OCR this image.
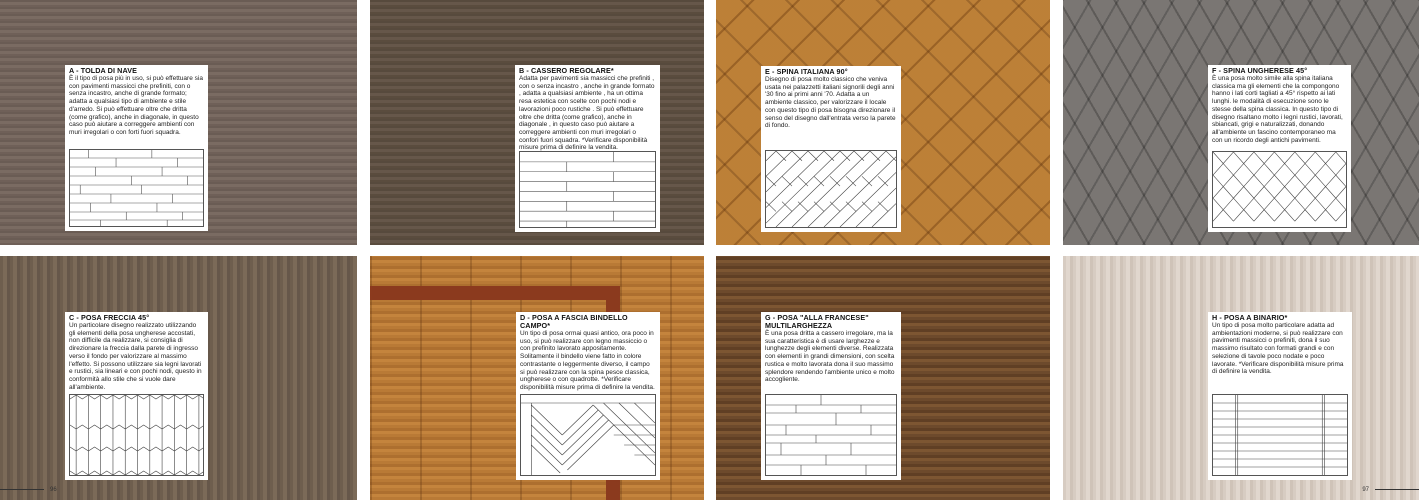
A - TOLDA DI NAVE

È il tipo di posa più in uso, si può effettuare sia con pavimenti massicci che prefiniti, con o senza incastro, anche di grande formato; adatta a qualsiasi tipo di ambiente e stile d'arredo. Si può effettuare oltre che dritta (come grafico), anche in diagonale, in questo caso può aiutare a correggere ambienti con muri irregolari o con forti fuori squadra.

B - CASSERO REGOLARE*

Adatta per pavimenti sia massicci che prefiniti , con o senza incastro , anche in grande formato , adatta a qualsiasi ambiente , ha un ottima resa estetica con scelte con pochi nodi e lavorazioni poco rustiche . Si può effettuare oltre che dritta (come grafico), anche in diagonale , in questo caso può aiutare a correggere ambienti con muri irregolari o confori fuori squadra. *Verificare disponibilità misure prima di definire la vendita.

E - SPINA ITALIANA 90°

Disegno di posa molto classico che veniva usata nei palazzetti italiani signorili degli anni '30 fino ai primi anni '70. Adatta a un ambiente classico, per valorizzare il locale con questo tipo di posa bisogna direzionare il senso del disegno dall'entrata verso la parete di fondo.

F - SPINA UNGHERESE 45°

È una posa molto simile alla spina italiana classica ma gli elementi che la compongono hanno i lati corti tagliati a 45° rispetto ai lati lunghi. le modalità di esecuzione sono le stesse della spina classica. In questo tipo di disegno risaltano molto i legni rustici, lavorati, sbiancati, grigi e naturalizzati, donando all'ambiente un fascino contemporaneo ma con un ricordo degli antichi pavimenti.

C - POSA FRECCIA 45°

Un particolare disegno realizzato utilizzando gli elementi della posa ungherese accostati, non difficile da realizzare, si consiglia di direzionare la freccia dalla parete di ingresso verso il fondo per valorizzare al massimo l'effetto. Si possono utilizzare sia legni lavorati e rustici, sia lineari e con pochi nodi, questo in conformità allo stile che si vuole dare all'ambiente.

96
D - POSA A FASCIA BINDELLO CAMPO*

Un tipo di posa ormai quasi antico, ora poco in uso, si può realizzare con legno massiccio o con prefinito lavorato appositamente. Solitamente il bindello viene fatto in colore contrastante o leggermente diverso, il campo si può realizzare con la spina pesce classica, ungherese o con quadrotte. *Verificare disponibilità misure prima di definire la vendita.

G - POSA "ALLA FRANCESE" MULTILARGHEZZA

È una posa dritta a cassero irregolare, ma la sua caratteristica è di usare larghezze e lunghezze degli elementi diverse. Realizzata con elementi in grandi dimensioni, con scelta rustica e molto lavorata dona il suo massimo splendore rendendo l'ambiente unico e molto accogliente.

H - POSA A BINARIO*

Un tipo di posa molto particolare adatta ad ambientazioni moderne, si può realizzare con pavimenti massicci o prefiniti, dona il suo massimo risultato con formati grandi e con selezione di tavole poco nodate e poco lavorate. *Verificare disponibilità misure prima di definire la vendita.

97
